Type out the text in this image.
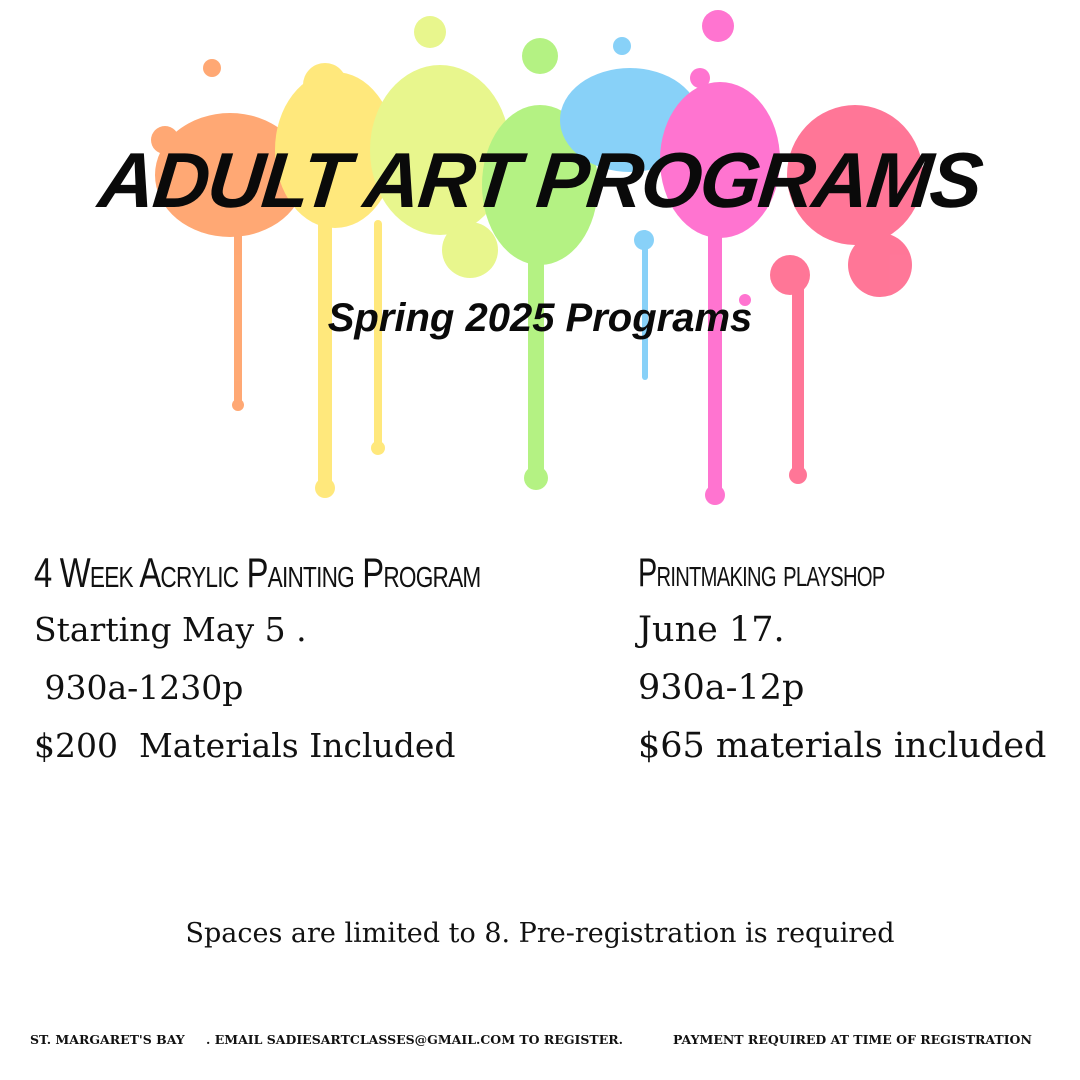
ADULT ART PROGRAMS
Spring 2025 Programs
4 Week Acrylic Painting Program
Starting May 5 .
930a-1230p
$200  Materials Included
Printmaking playshop
June 17.
930a-12p
$65 materials included
Spaces are limited to 8. Pre-registration is required
ST. MARGARET'S BAY . EMAIL SADIESARTCLASSES@GMAIL.COM TO REGISTER.	PAYMENT REQUIRED AT TIME OF REGISTRATION
